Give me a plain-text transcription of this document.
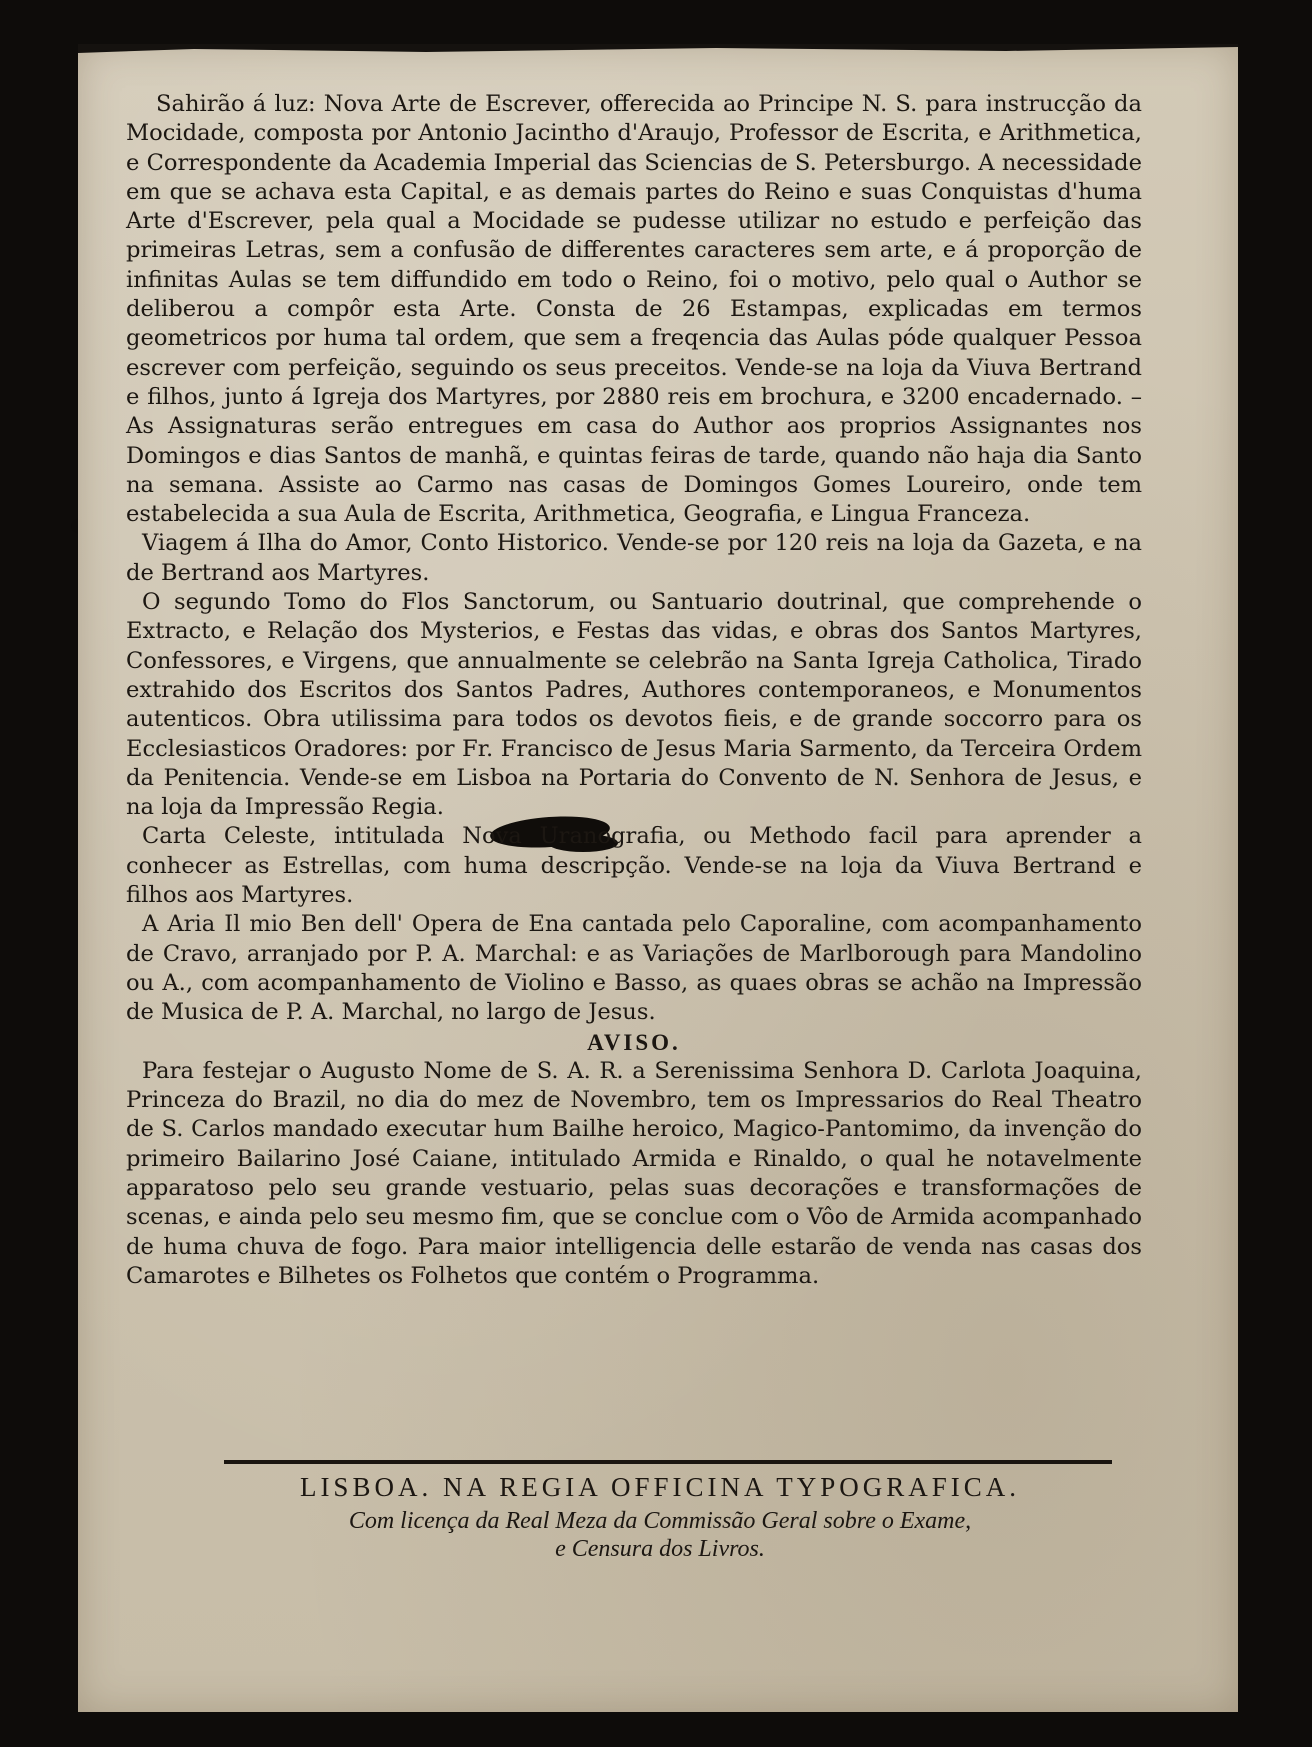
Sahirão á luz: Nova Arte de Escrever, offerecida ao Principe N. S. para instrucção da Mocidade, composta por Antonio Jacintho d'Araujo, Professor de Escrita, e Arithmetica, e Correspondente da Academia Imperial das Sciencias de S. Petersburgo. A necessidade em que se achava esta Capital, e as demais partes do Reino e suas Conquistas d'huma Arte d'Escrever, pela qual a Mocidade se pudesse utilizar no estudo e perfeição das primeiras Letras, sem a confusão de differentes caracteres sem arte, e á proporção de infinitas Aulas se tem diffundido em todo o Reino, foi o motivo, pelo qual o Author se deliberou a compôr esta Arte. Consta de 26 Estampas, explicadas em termos geometricos por huma tal ordem, que sem a freqencia das Aulas póde qualquer Pessoa escrever com perfeição, seguindo os seus preceitos. Vende-se na loja da Viuva Bertrand e filhos, junto á Igreja dos Martyres, por 2880 reis em brochura, e 3200 encadernado. – As Assignaturas serão entregues em casa do Author aos proprios Assignantes nos Domingos e dias Santos de manhã, e quintas feiras de tarde, quando não haja dia Santo na semana. Assiste ao Carmo nas casas de Domingos Gomes Loureiro, onde tem estabelecida a sua Aula de Escrita, Arithmetica, Geografia, e Lingua Franceza.

Viagem á Ilha do Amor, Conto Historico. Vende-se por 120 reis na loja da Gazeta, e na de Bertrand aos Martyres.

O segundo Tomo do Flos Sanctorum, ou Santuario doutrinal, que comprehende o Extracto, e Relação dos Mysterios, e Festas das vidas, e obras dos Santos Martyres, Confessores, e Virgens, que annualmente se celebrão na Santa Igreja Catholica, Tirado extrahido dos Escritos dos Santos Padres, Authores contemporaneos, e Monumentos autenticos. Obra utilissima para todos os devotos fieis, e de grande soccorro para os Ecclesiasticos Oradores: por Fr. Francisco de Jesus Maria Sarmento, da Terceira Ordem da Penitencia. Vende-se em Lisboa na Portaria do Convento de N. Senhora de Jesus, e na loja da Impressão Regia.

Carta Celeste, intitulada Nova Uranografia, ou Methodo facil para aprender a conhecer as Estrellas, com huma descripção. Vende-se na loja da Viuva Bertrand e filhos aos Martyres.

A Aria Il mio Ben dell' Opera de Ena cantada pelo Caporaline, com acompanhamento de Cravo, arranjado por P. A. Marchal: e as Variações de Marlborough para Mandolino ou A., com acompanhamento de Violino e Basso, as quaes obras se achão na Impressão de Musica de P. A. Marchal, no largo de Jesus.

AVISO.

Para festejar o Augusto Nome de S. A. R. a Serenissima Senhora D. Carlota Joaquina, Princeza do Brazil, no dia do mez de Novembro, tem os Impressarios do Real Theatro de S. Carlos mandado executar hum Bailhe heroico, Magico-Pantomimo, da invenção do primeiro Bailarino José Caiane, intitulado Armida e Rinaldo, o qual he notavelmente apparatoso pelo seu grande vestuario, pelas suas decorações e transformações de scenas, e ainda pelo seu mesmo fim, que se conclue com o Vôo de Armida acompanhado de huma chuva de fogo. Para maior intelligencia delle estarão de venda nas casas dos Camarotes e Bilhetes os Folhetos que contém o Programma.

LISBOA. NA REGIA OFFICINA TYPOGRAFICA.
Com licença da Real Meza da Commissão Geral sobre o Exame,
e Censura dos Livros.
